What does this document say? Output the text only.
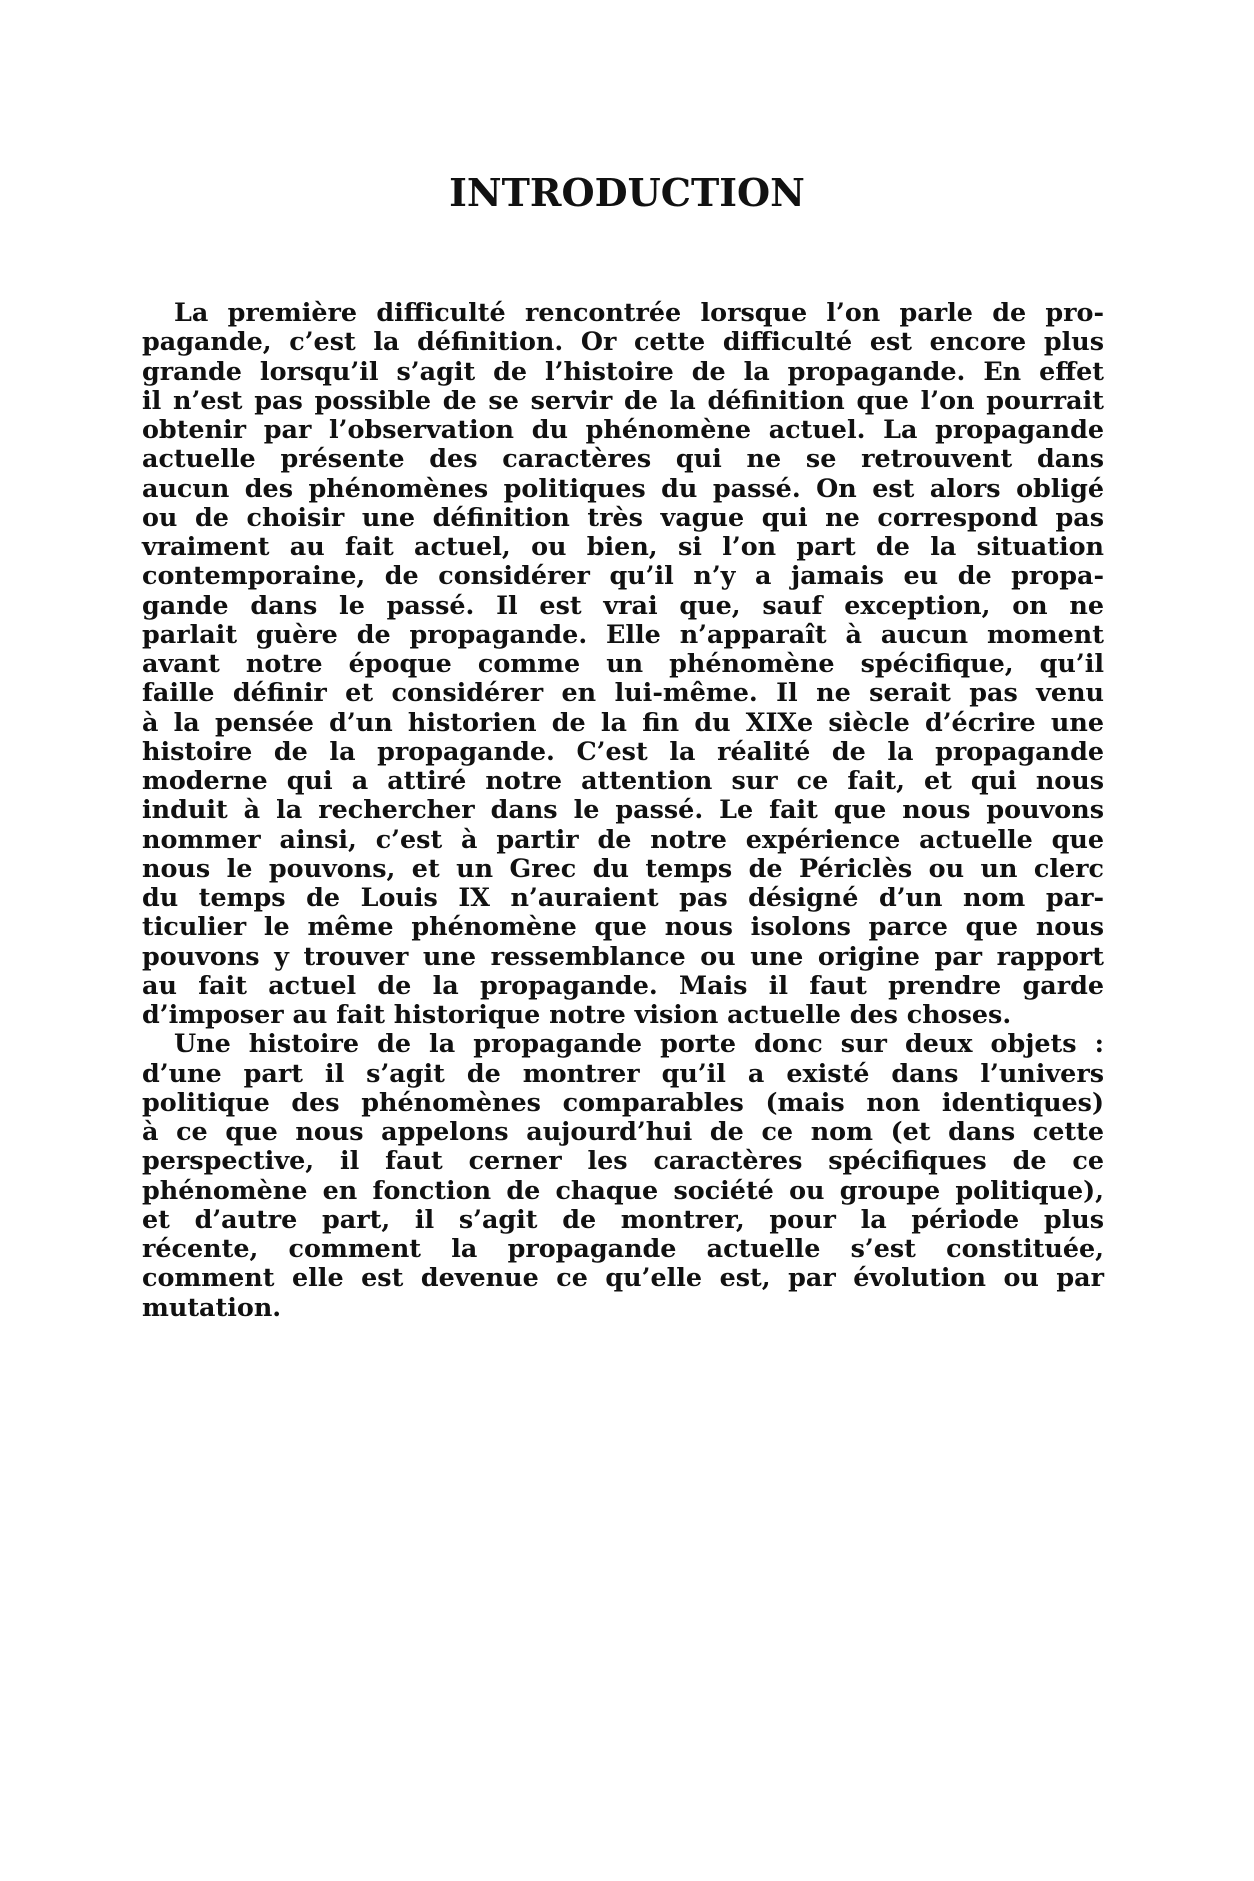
INTRODUCTION
La première difficulté rencontrée lorsque l’on parle de pro-
pagande, c’est la définition. Or cette difficulté est encore plus
grande lorsqu’il s’agit de l’histoire de la propagande. En effet
il n’est pas possible de se servir de la définition que l’on pourrait
obtenir par l’observation du phénomène actuel. La propagande
actuelle présente des caractères qui ne se retrouvent dans
aucun des phénomènes politiques du passé. On est alors obligé
ou de choisir une définition très vague qui ne correspond pas
vraiment au fait actuel, ou bien, si l’on part de la situation
contemporaine, de considérer qu’il n’y a jamais eu de propa-
gande dans le passé. Il est vrai que, sauf exception, on ne
parlait guère de propagande. Elle n’apparaît à aucun moment
avant notre époque comme un phénomène spécifique, qu’il
faille définir et considérer en lui-même. Il ne serait pas venu
à la pensée d’un historien de la fin du XIXe siècle d’écrire une
histoire de la propagande. C’est la réalité de la propagande
moderne qui a attiré notre attention sur ce fait, et qui nous
induit à la rechercher dans le passé. Le fait que nous pouvons
nommer ainsi, c’est à partir de notre expérience actuelle que
nous le pouvons, et un Grec du temps de Périclès ou un clerc
du temps de Louis IX n’auraient pas désigné d’un nom par-
ticulier le même phénomène que nous isolons parce que nous
pouvons y trouver une ressemblance ou une origine par rapport
au fait actuel de la propagande. Mais il faut prendre garde
d’imposer au fait historique notre vision actuelle des choses.
Une histoire de la propagande porte donc sur deux objets :
d’une part il s’agit de montrer qu’il a existé dans l’univers
politique des phénomènes comparables (mais non identiques)
à ce que nous appelons aujourd’hui de ce nom (et dans cette
perspective, il faut cerner les caractères spécifiques de ce
phénomène en fonction de chaque société ou groupe politique),
et d’autre part, il s’agit de montrer, pour la période plus
récente, comment la propagande actuelle s’est constituée,
comment elle est devenue ce qu’elle est, par évolution ou par
mutation.
